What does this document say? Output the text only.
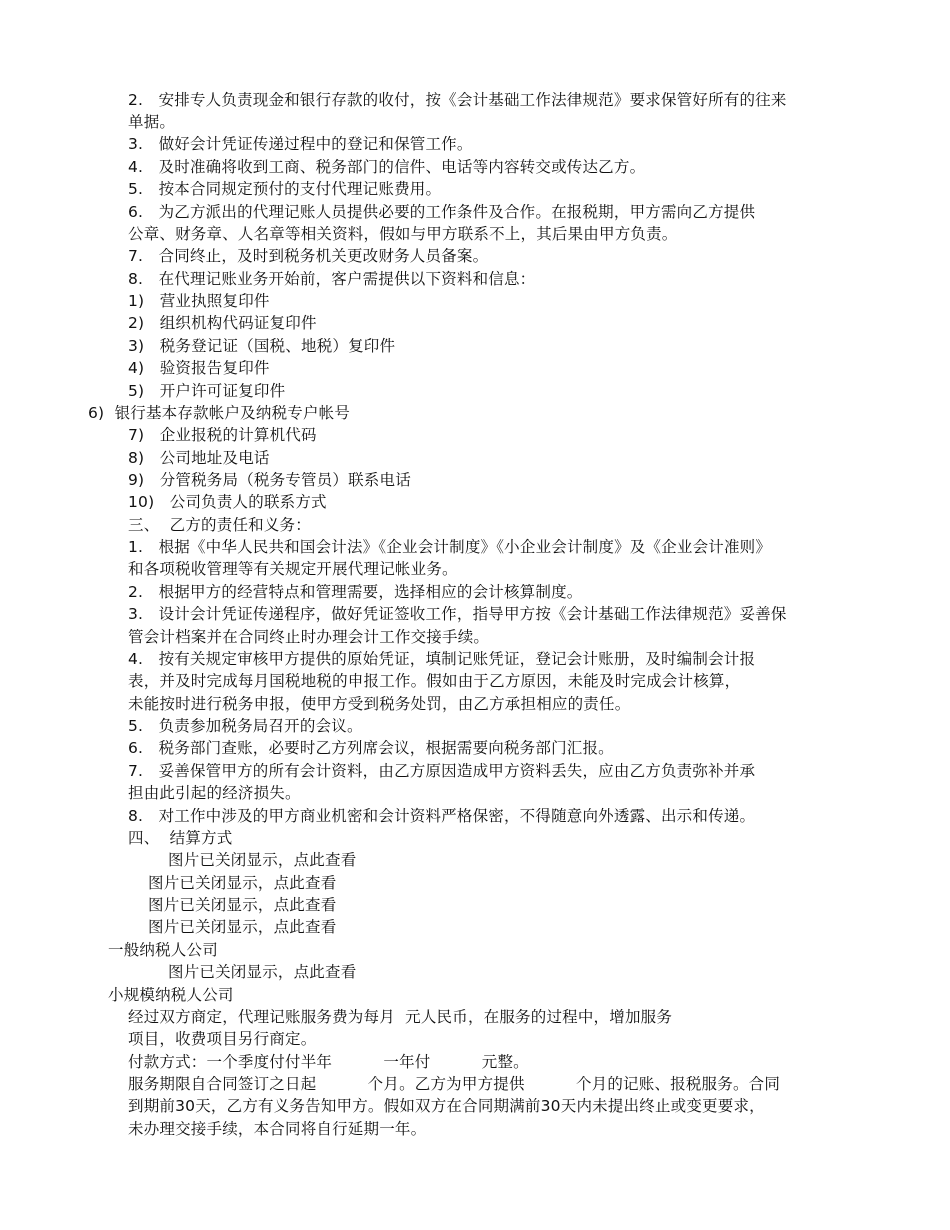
2.   安排专人负责现金和银行存款的收付，按《会计基础工作法律规范》要求保管好所有的往来
单据。
3.   做好会计凭证传递过程中的登记和保管工作。
4.   及时准确将收到工商、税务部门的信件、电话等内容转交或传达乙方。
5.   按本合同规定预付的支付代理记账费用。
6.   为乙方派出的代理记账人员提供必要的工作条件及合作。在报税期，甲方需向乙方提供
公章、财务章、人名章等相关资料，假如与甲方联系不上，其后果由甲方负责。
7.   合同终止，及时到税务机关更改财务人员备案。
8.   在代理记账业务开始前，客户需提供以下资料和信息：
1)   营业执照复印件
2)   组织机构代码证复印件
3)   税务登记证（国税、地税）复印件
4)   验资报告复印件
5)   开户许可证复印件
6)  银行基本存款帐户及纳税专户帐号
7)   企业报税的计算机代码
8)   公司地址及电话
9)   分管税务局（税务专管员）联系电话
10)   公司负责人的联系方式
三、  乙方的责任和义务：
1.   根据《中华人民共和国会计法》《企业会计制度》《小企业会计制度》及《企业会计准则》
和各项税收管理等有关规定开展代理记帐业务。
2.   根据甲方的经营特点和管理需要，选择相应的会计核算制度。
3.   设计会计凭证传递程序，做好凭证签收工作，指导甲方按《会计基础工作法律规范》妥善保
管会计档案并在合同终止时办理会计工作交接手续。
4.   按有关规定审核甲方提供的原始凭证，填制记账凭证，登记会计账册，及时编制会计报
表，并及时完成每月国税地税的申报工作。假如由于乙方原因，未能及时完成会计核算，
未能按时进行税务申报，使甲方受到税务处罚，由乙方承担相应的责任。
5.   负责参加税务局召开的会议。
6.   税务部门查账，必要时乙方列席会议，根据需要向税务部门汇报。
7.   妥善保管甲方的所有会计资料，由乙方原因造成甲方资料丢失，应由乙方负责弥补并承
担由此引起的经济损失。
8.   对工作中涉及的甲方商业机密和会计资料严格保密，不得随意向外透露、出示和传递。
四、  结算方式
图片已关闭显示，点此查看
图片已关闭显示，点此查看
图片已关闭显示，点此查看
图片已关闭显示，点此查看
一般纳税人公司
图片已关闭显示，点此查看
小规模纳税人公司
经过双方商定，代理记账服务费为每月  元人民币，在服务的过程中，增加服务
项目，收费项目另行商定。
付款方式：一个季度付付半年          一年付          元整。
服务期限自合同签订之日起          个月。乙方为甲方提供          个月的记账、报税服务。合同
到期前30天，乙方有义务告知甲方。假如双方在合同期满前30天内未提出终止或变更要求，
未办理交接手续，本合同将自行延期一年。
